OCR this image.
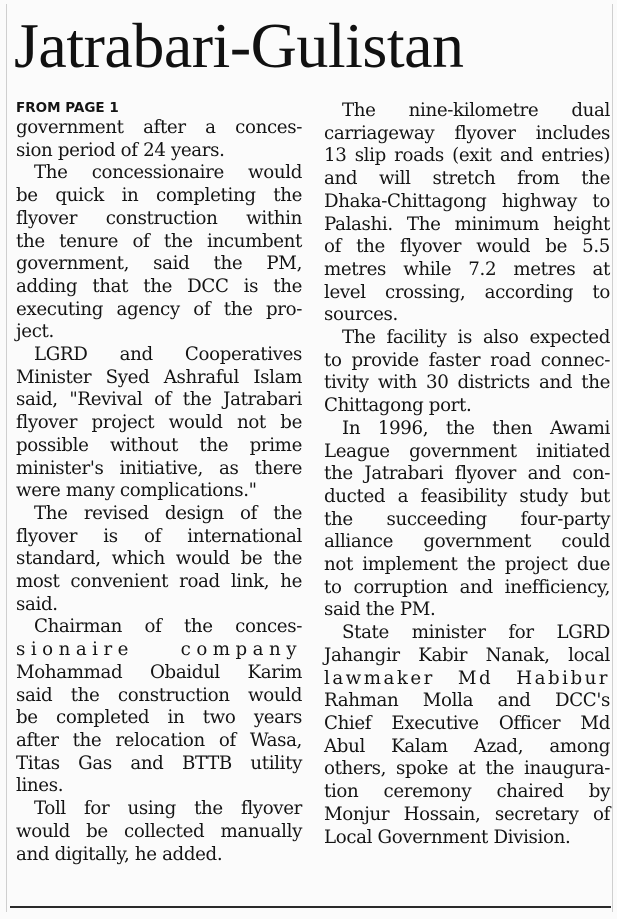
Jatrabari-Gulistan
FROM PAGE 1
government after a conces-
sion period of 24 years.
The concessionaire would
be quick in completing the
flyover construction within
the tenure of the incumbent
government, said the PM,
adding that the DCC is the
executing agency of the pro-
ject.
LGRD and Cooperatives
Minister Syed Ashraful Islam
said, "Revival of the Jatrabari
flyover project would not be
possible without the prime
minister's initiative, as there
were many complications."
The revised design of the
flyover is of international
standard, which would be the
most convenient road link, he
said.
Chairman of the conces-
sionaire company
Mohammad Obaidul Karim
said the construction would
be completed in two years
after the relocation of Wasa,
Titas Gas and BTTB utility
lines.
Toll for using the flyover
would be collected manually
and digitally, he added.
The nine-kilometre dual
carriageway flyover includes
13 slip roads (exit and entries)
and will stretch from the
Dhaka-Chittagong highway to
Palashi. The minimum height
of the flyover would be 5.5
metres while 7.2 metres at
level crossing, according to
sources.
The facility is also expected
to provide faster road connec-
tivity with 30 districts and the
Chittagong port.
In 1996, the then Awami
League government initiated
the Jatrabari flyover and con-
ducted a feasibility study but
the succeeding four-party
alliance government could
not implement the project due
to corruption and inefficiency,
said the PM.
State minister for LGRD
Jahangir Kabir Nanak, local
lawmaker Md Habibur
Rahman Molla and DCC's
Chief Executive Officer Md
Abul Kalam Azad, among
others, spoke at the inaugura-
tion ceremony chaired by
Monjur Hossain, secretary of
Local Government Division.
